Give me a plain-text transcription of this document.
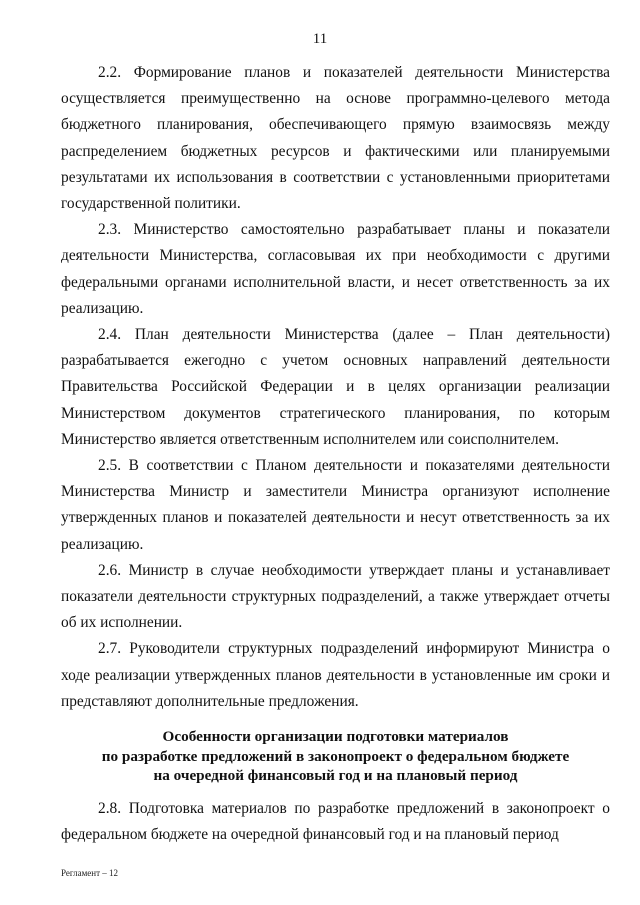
11

2.2. Формирование планов и показателей деятельности Министерства осуществляется преимущественно на основе программно-целевого метода бюджетного планирования, обеспечивающего прямую взаимосвязь между распределением бюджетных ресурсов и фактическими или планируемыми результатами их использования в соответствии с установленными приоритетами государственной политики.

2.3. Министерство самостоятельно разрабатывает планы и показатели деятельности Министерства, согласовывая их при необходимости с другими федеральными органами исполнительной власти, и несет ответственность за их реализацию.

2.4. План деятельности Министерства (далее – План деятельности) разрабатывается ежегодно с учетом основных направлений деятельности Правительства Российской Федерации и в целях организации реализации Министерством документов стратегического планирования, по которым Министерство является ответственным исполнителем или соисполнителем.

2.5. В соответствии с Планом деятельности и показателями деятельности Министерства Министр и заместители Министра организуют исполнение утвержденных планов и показателей деятельности и несут ответственность за их реализацию.

2.6. Министр в случае необходимости утверждает планы и устанавливает показатели деятельности структурных подразделений, а также утверждает отчеты об их исполнении.

2.7. Руководители структурных подразделений информируют Министра о ходе реализации утвержденных планов деятельности в установленные им сроки и представляют дополнительные предложения.

Особенности организации подготовки материалов
по разработке предложений в законопроект о федеральном бюджете
на очередной финансовый год и на плановый период

2.8. Подготовка материалов по разработке предложений в законопроект о федеральном бюджете на очередной финансовый год и на плановый период

Регламент – 12
